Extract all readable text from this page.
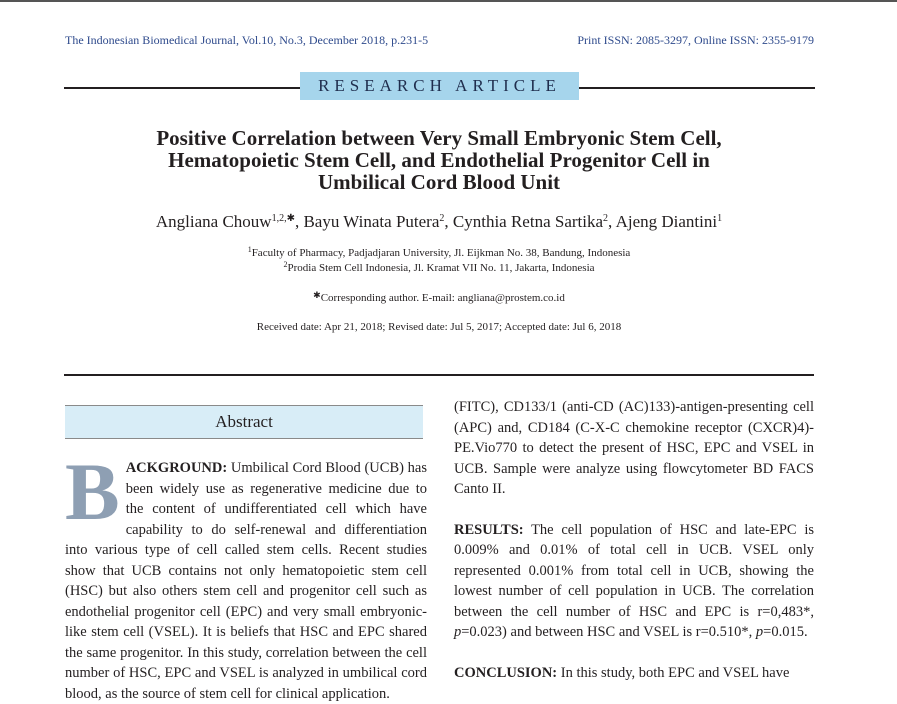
The Indonesian Biomedical Journal, Vol.10, No.3, December 2018, p.231-5	Print ISSN: 2085-3297, Online ISSN: 2355-9179
RESEARCH ARTICLE
Positive Correlation between Very Small Embryonic Stem Cell,
Hematopoietic Stem Cell, and Endothelial Progenitor Cell in
Umbilical Cord Blood Unit
Angliana Chouw$^{1,2,✱}$, Bayu Winata Putera$^2$, Cynthia Retna Sartika$^2$, Ajeng Diantini$^1$
$^1$Faculty of Pharmacy, Padjadjaran University, Jl. Eijkman No. 38, Bandung, Indonesia
$^2$Prodia Stem Cell Indonesia, Jl. Kramat VII No. 11, Jakarta, Indonesia
✱Corresponding author. E-mail: angliana@prostem.co.id
Received date: Apr 21, 2018; Revised date: Jul 5, 2017; Accepted date: Jul 6, 2018
Abstract

BACKGROUND: Umbilical Cord Blood (UCB) has been widely use as regenerative medicine due to the content of undifferentiated cell which have capability to do self-renewal and differentiation into various type of cell called stem cells. Recent studies show that UCB contains not only hematopoietic stem cell (HSC) but also others stem cell and progenitor cell such as endothelial progenitor cell (EPC) and very small embryonic-like stem cell (VSEL). It is beliefs that HSC and EPC shared the same progenitor. In this study, correlation between the cell number of HSC, EPC and VSEL is analyzed in umbilical cord blood, as the source of stem cell for clinical application.

(FITC), CD133/1 (anti-CD (AC)133)-antigen-presenting cell (APC) and, CD184 (C-X-C chemokine receptor (CXCR)4)-PE.Vio770 to detect the present of HSC, EPC and VSEL in UCB. Sample were analyze using flowcytometer BD FACS Canto II.

RESULTS: The cell population of HSC and late-EPC is 0.009% and 0.01% of total cell in UCB. VSEL only represented 0.001% from total cell in UCB, showing the lowest number of cell population in UCB. The correlation between the cell number of HSC and EPC is r=0,483*, p=0.023) and between HSC and VSEL is r=0.510*, p=0.015.

CONCLUSION: In this study, both EPC and VSEL have
